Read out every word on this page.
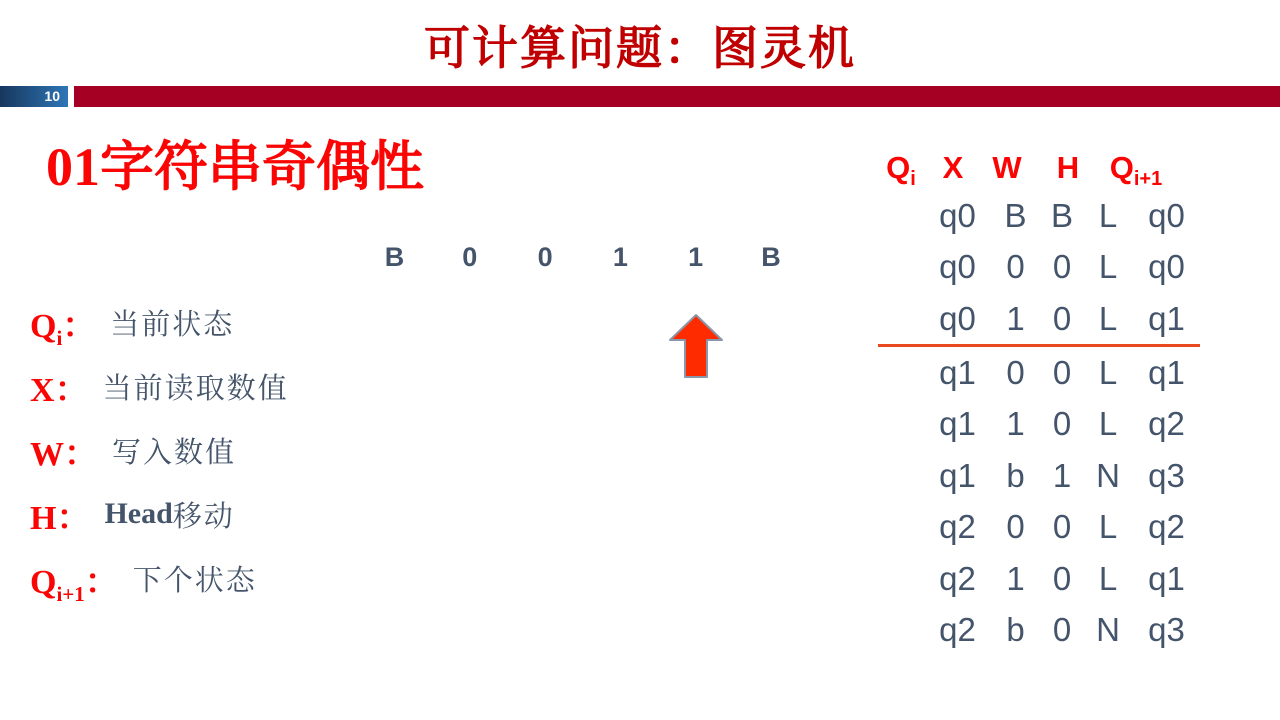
可计算问题：图灵机
10
01字符串奇偶性
B	0	0	1	1	B
$Q_i$： 当前状态
X： 当前读取数值
W： 写入数值
H： Head 移动
$Q_{i+1}$： 下个状态
$Q_i$ X W	H $Q_{i+1}$
q0 B B L q0
q0 0 0 L q0
q0 1 0 L q1
q1 0 0 L q1
q1 1 0 L q2
q1 b 1 N q3
q2 0 0 L q2
q2 1 0 L q1
q2 b 0 N q3
